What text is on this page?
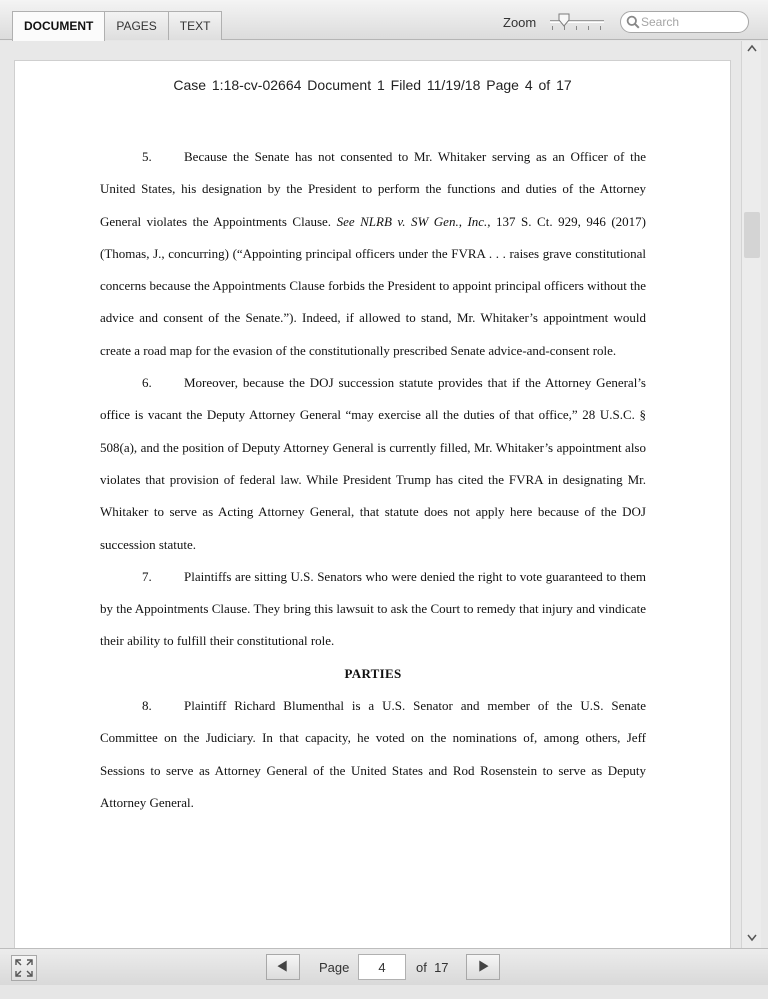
DOCUMENT	PAGES	TEXT	Zoom
Search
Case 1:18-cv-02664 Document 1 Filed 11/19/18 Page 4 of 17

5. Because the Senate has not consented to Mr. Whitaker serving as an Officer of the United States, his designation by the President to perform the functions and duties of the Attorney General violates the Appointments Clause. See NLRB v. SW Gen., Inc., 137 S. Ct. 929, 946 (2017) (Thomas, J., concurring) (“Appointing principal officers under the FVRA . . . raises grave constitutional concerns because the Appointments Clause forbids the President to appoint principal officers without the advice and consent of the Senate.”). Indeed, if allowed to stand, Mr. Whitaker’s appointment would create a road map for the evasion of the constitutionally prescribed Senate advice-and-consent role.

6. Moreover, because the DOJ succession statute provides that if the Attorney General’s office is vacant the Deputy Attorney General “may exercise all the duties of that office,” 28 U.S.C. § 508(a), and the position of Deputy Attorney General is currently filled, Mr. Whitaker’s appointment also violates that provision of federal law. While President Trump has cited the FVRA in designating Mr. Whitaker to serve as Acting Attorney General, that statute does not apply here because of the DOJ succession statute.

7. Plaintiffs are sitting U.S. Senators who were denied the right to vote guaranteed to them by the Appointments Clause. They bring this lawsuit to ask the Court to remedy that injury and vindicate their ability to fulfill their constitutional role.

PARTIES

8. Plaintiff Richard Blumenthal is a U.S. Senator and member of the U.S. Senate Committee on the Judiciary. In that capacity, he voted on the nominations of, among others, Jeff Sessions to serve as Attorney General of the United States and Rod Rosenstein to serve as Deputy Attorney General.

Page
4	of 17
